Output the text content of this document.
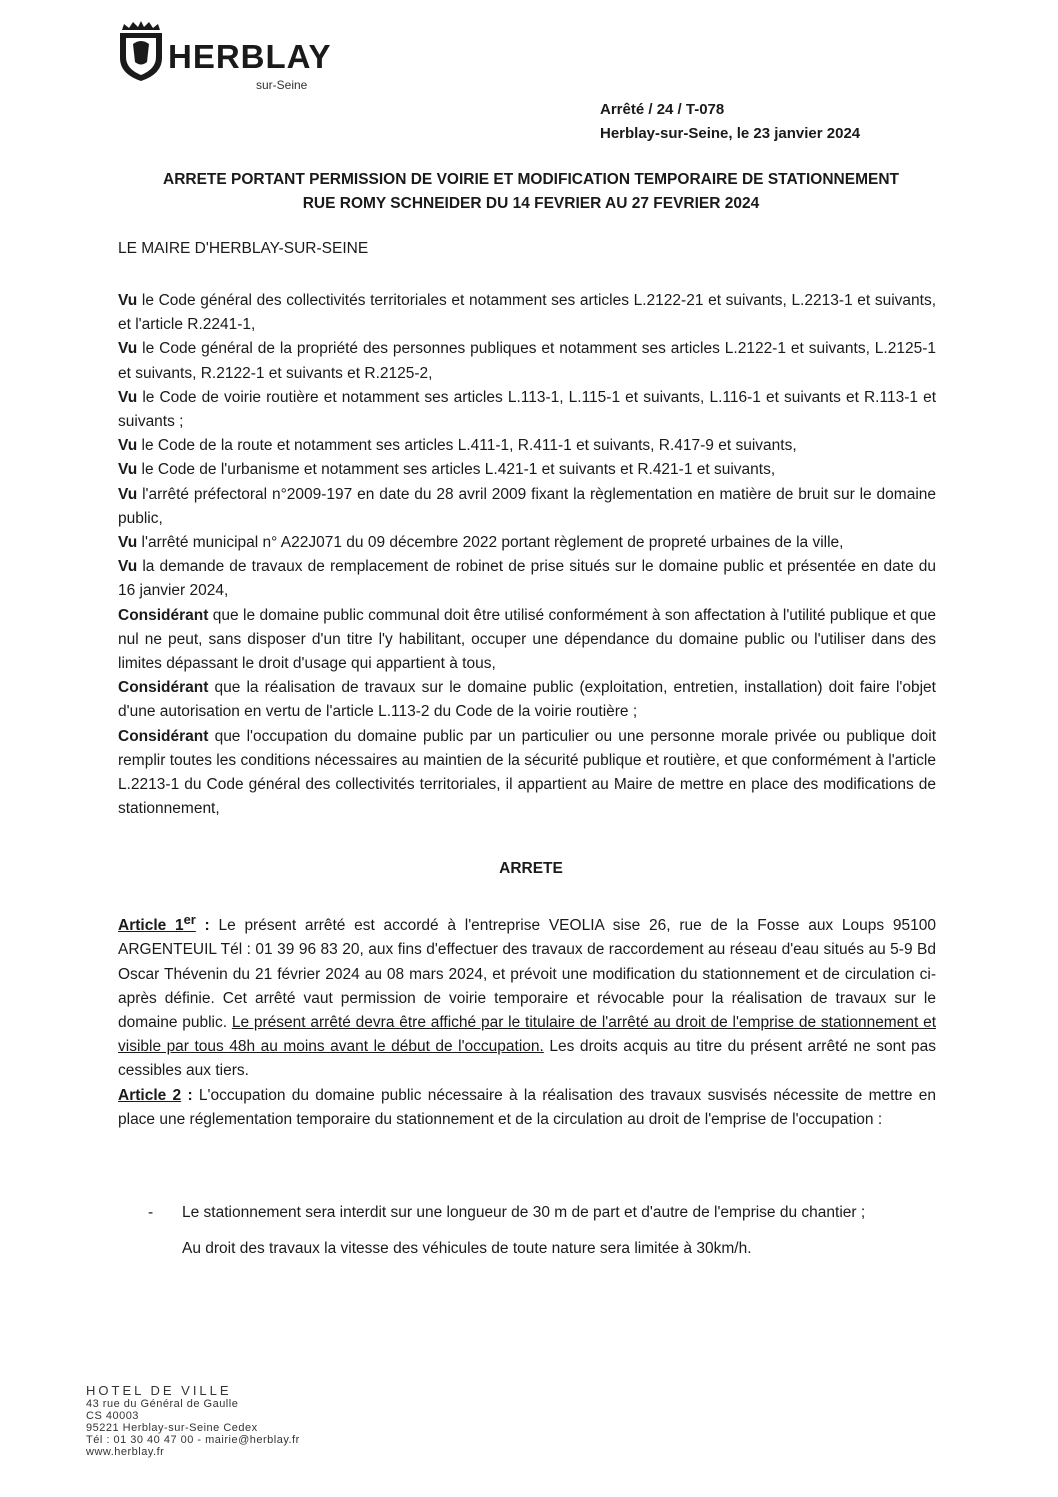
HERBLAY
sur-Seine
Arrêté / 24 / T-078
Herblay-sur-Seine, le 23 janvier 2024
ARRETE PORTANT PERMISSION DE VOIRIE ET MODIFICATION TEMPORAIRE DE STATIONNEMENT
RUE ROMY SCHNEIDER DU 14 FEVRIER AU 27 FEVRIER 2024
LE MAIRE D'HERBLAY-SUR-SEINE

Vu le Code général des collectivités territoriales et notamment ses articles L.2122-21 et suivants, L.2213-1 et suivants, et l'article R.2241-1,

Vu le Code général de la propriété des personnes publiques et notamment ses articles L.2122-1 et suivants, L.2125-1 et suivants, R.2122-1 et suivants et R.2125-2,

Vu le Code de voirie routière et notamment ses articles L.113-1, L.115-1 et suivants, L.116-1 et suivants et R.113-1 et suivants ;

Vu le Code de la route et notamment ses articles L.411-1, R.411-1 et suivants, R.417-9 et suivants,

Vu le Code de l'urbanisme et notamment ses articles L.421-1 et suivants et R.421-1 et suivants,

Vu l'arrêté préfectoral n°2009-197 en date du 28 avril 2009 fixant la règlementation en matière de bruit sur le domaine public,

Vu l'arrêté municipal n° A22J071 du 09 décembre 2022 portant règlement de propreté urbaines de la ville,

Vu la demande de travaux de remplacement de robinet de prise situés sur le domaine public et présentée en date du 16 janvier 2024,

Considérant que le domaine public communal doit être utilisé conformément à son affectation à l'utilité publique et que nul ne peut, sans disposer d'un titre l'y habilitant, occuper une dépendance du domaine public ou l'utiliser dans des limites dépassant le droit d'usage qui appartient à tous,

Considérant que la réalisation de travaux sur le domaine public (exploitation, entretien, installation) doit faire l'objet d'une autorisation en vertu de l'article L.113-2 du Code de la voirie routière ;

Considérant que l'occupation du domaine public par un particulier ou une personne morale privée ou publique doit remplir toutes les conditions nécessaires au maintien de la sécurité publique et routière, et que conformément à l'article L.2213-1 du Code général des collectivités territoriales, il appartient au Maire de mettre en place des modifications de stationnement,

ARRETE

Article 1er : Le présent arrêté est accordé à l'entreprise VEOLIA sise 26, rue de la Fosse aux Loups 95100 ARGENTEUIL Tél : 01 39 96 83 20, aux fins d'effectuer des travaux de raccordement au réseau d'eau situés au 5-9 Bd Oscar Thévenin du 21 février 2024 au 08 mars 2024, et prévoit une modification du stationnement et de circulation ci-après définie. Cet arrêté vaut permission de voirie temporaire et révocable pour la réalisation de travaux sur le domaine public. Le présent arrêté devra être affiché par le titulaire de l'arrêté au droit de l'emprise de stationnement et visible par tous 48h au moins avant le début de l'occupation. Les droits acquis au titre du présent arrêté ne sont pas cessibles aux tiers.

Article 2 : L'occupation du domaine public nécessaire à la réalisation des travaux susvisés nécessite de mettre en place une réglementation temporaire du stationnement et de la circulation au droit de l'emprise de l'occupation :

- Le stationnement sera interdit sur une longueur de 30 m de part et d'autre de l'emprise du chantier ;
Au droit des travaux la vitesse des véhicules de toute nature sera limitée à 30km/h.
HOTEL DE VILLE
43 rue du Général de Gaulle
CS 40003
95221 Herblay-sur-Seine Cedex
Tél : 01 30 40 47 00 - mairie@herblay.fr
www.herblay.fr
